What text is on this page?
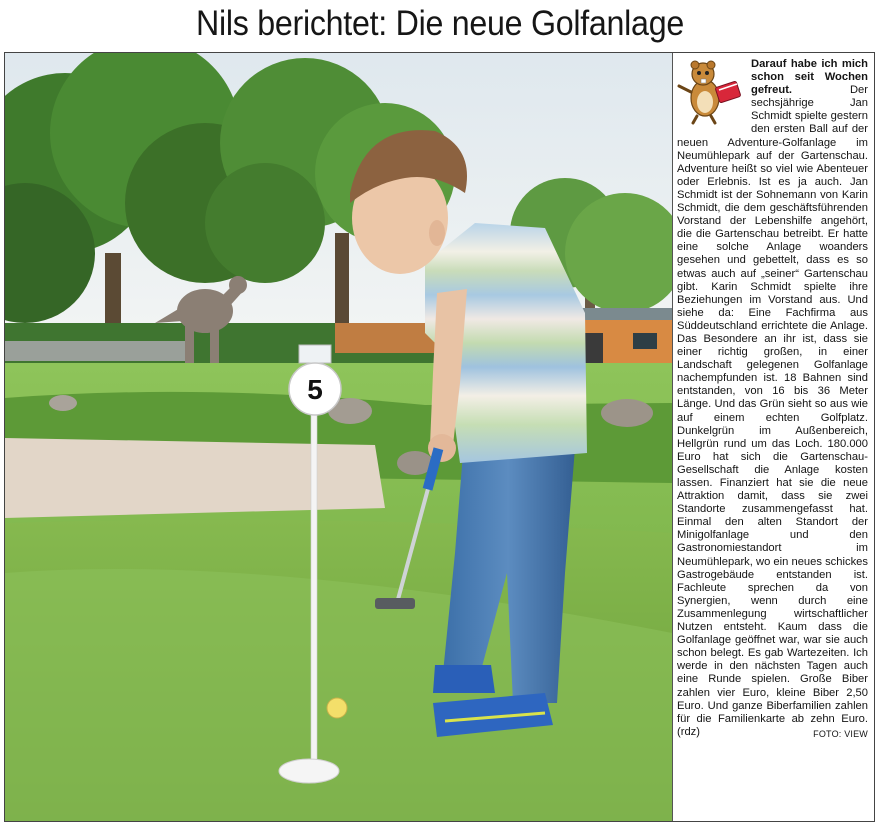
Nils berichtet: Die neue Golfanlage
5
Darauf habe ich mich schon seit Wochen gefreut.	Der sechsjährige Jan Schmidt spielte gestern den ersten Ball auf der neuen Adventure-Golfanlage im Neumühlepark auf der Gartenschau. Adventure heißt so viel wie Abenteuer oder Erlebnis. Ist es ja auch. Jan Schmidt ist der Sohnemann von Karin Schmidt, die dem geschäftsführenden Vorstand der Lebenshilfe angehört, die die Gartenschau betreibt. Er hatte eine solche Anlage woanders gesehen und gebettelt, dass es so etwas auch auf „seiner“ Gartenschau gibt. Karin Schmidt spielte ihre Beziehungen im Vorstand aus. Und siehe da: Eine Fachfirma aus Süddeutschland errichtete die Anlage. Das Besondere an ihr ist, dass sie einer richtig großen, in einer Landschaft gelegenen Golfanlage nachempfunden ist. 18 Bahnen sind entstanden, von 16 bis 36 Meter Länge. Und das Grün sieht so aus wie auf einem echten Golfplatz. Dunkelgrün im Außenbereich, Hellgrün rund um das Loch. 180.000 Euro hat sich die Gartenschau-Gesellschaft die Anlage kosten lassen. Finanziert hat sie die neue Attraktion damit, dass sie zwei Standorte zusammengefasst hat. Einmal den alten Standort der Minigolfanlage und den Gastronomiestandort im Neumühlepark, wo ein neues schickes Gastrogebäude entstanden ist. Fachleute sprechen da von Synergien, wenn durch eine Zusammenlegung wirtschaftlicher Nutzen entsteht. Kaum dass die Golfanlage geöffnet war, war sie auch schon belegt. Es gab Wartezeiten. Ich werde in den nächsten Tagen auch eine Runde spielen. Große Biber zahlen vier Euro, kleine Biber 2,50 Euro. Und ganze Biberfamilien zahlen für die Familienkarte ab zehn Euro. (rdz)	FOTO: VIEW
